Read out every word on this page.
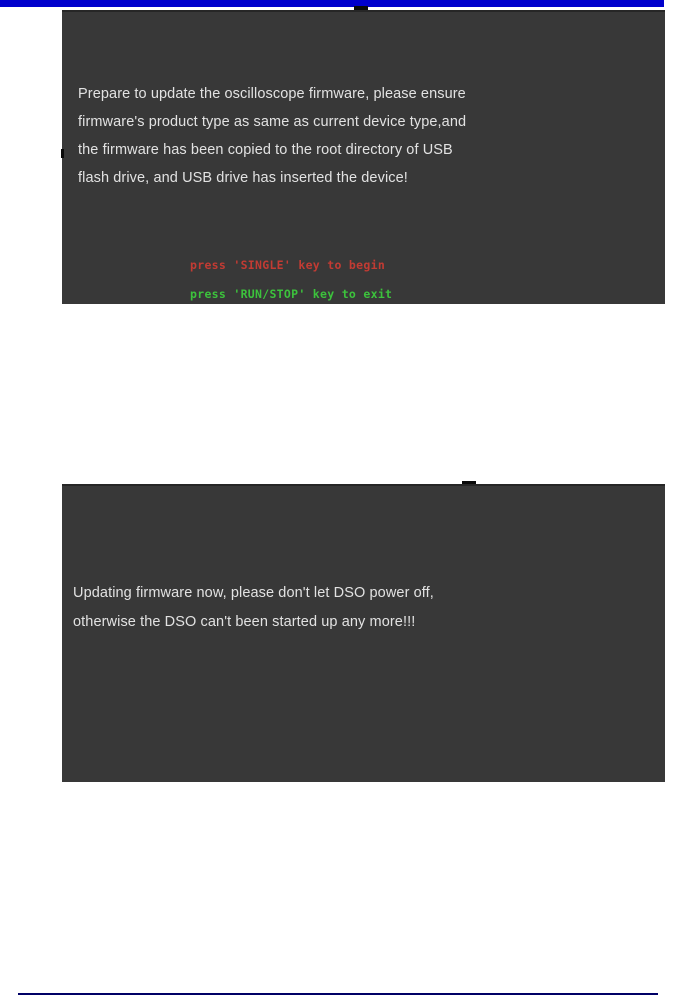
Prepare to update the oscilloscope firmware, please ensure
firmware's product type as same as current device type,and
the firmware has been copied to the root directory of USB
flash drive, and USB drive has inserted the device!
press 'SINGLE' key to begin
press 'RUN/STOP' key to exit
Updating firmware now, please don't let DSO power off,
otherwise the DSO can't been started up any more!!!
